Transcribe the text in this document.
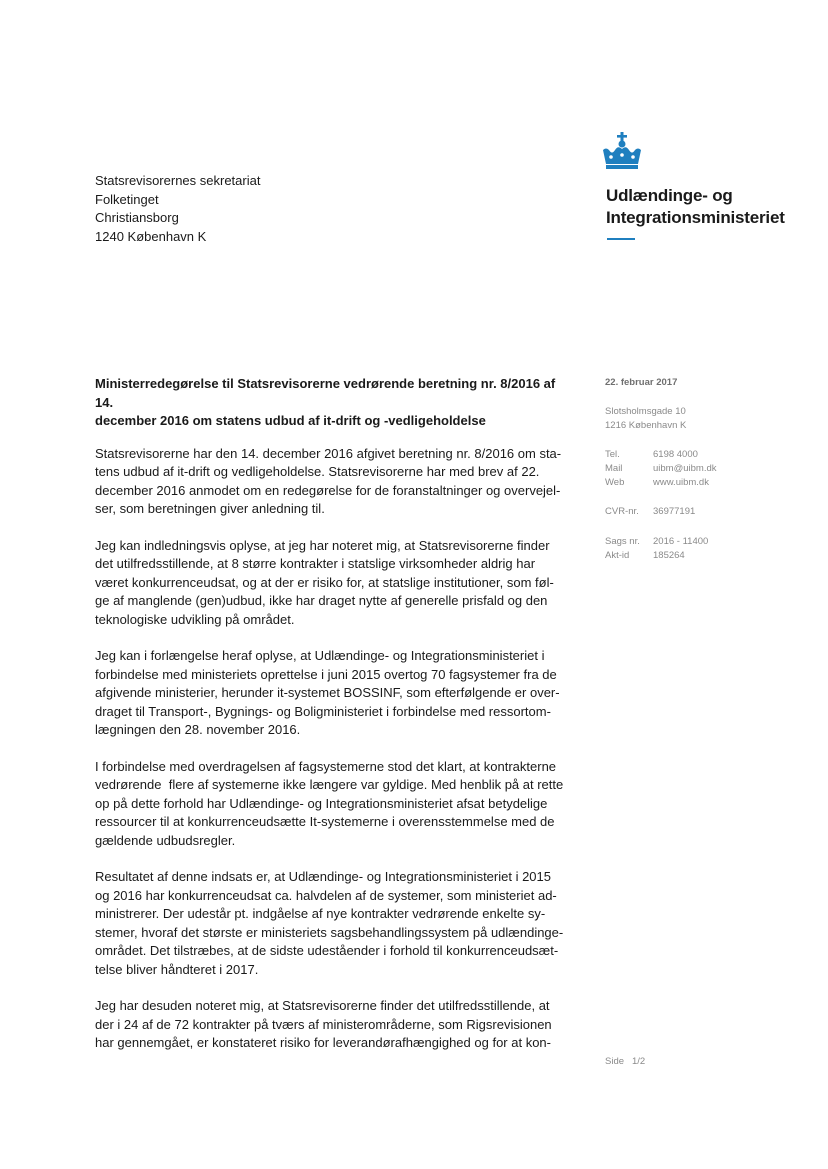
Statsrevisorernes sekretariat
Folketinget
Christiansborg
1240 København K
Udlændinge- og
Integrationsministeriet
22. februar 2017
Slotsholmsgade 10
1216 København K
Tel.	6198 4000
Mail	uibm@uibm.dk
Web	www.uibm.dk
CVR-nr.	36977191
Sags nr.	2016 - 11400
Akt-id	185264
Ministerredegørelse til Statsrevisorerne vedrørende beretning nr. 8/2016 af 14.
december 2016 om statens udbud af it-drift og -vedligeholdelse
Statsrevisorerne har den 14. december 2016 afgivet beretning nr. 8/2016 om sta-
tens udbud af it-drift og vedligeholdelse. Statsrevisorerne har med brev af 22.
december 2016 anmodet om en redegørelse for de foranstaltninger og overvejel-
ser, som beretningen giver anledning til.
Jeg kan indledningsvis oplyse, at jeg har noteret mig, at Statsrevisorerne finder
det utilfredsstillende, at 8 større kontrakter i statslige virksomheder aldrig har
været konkurrenceudsat, og at der er risiko for, at statslige institutioner, som føl-
ge af manglende (gen)udbud, ikke har draget nytte af generelle prisfald og den
teknologiske udvikling på området.
Jeg kan i forlængelse heraf oplyse, at Udlændinge- og Integrationsministeriet i
forbindelse med ministeriets oprettelse i juni 2015 overtog 70 fagsystemer fra de
afgivende ministerier, herunder it-systemet BOSSINF, som efterfølgende er over-
draget til Transport-, Bygnings- og Boligministeriet i forbindelse med ressortom-
lægningen den 28. november 2016.
I forbindelse med overdragelsen af fagsystemerne stod det klart, at kontrakterne
vedrørende  flere af systemerne ikke længere var gyldige. Med henblik på at rette
op på dette forhold har Udlændinge- og Integrationsministeriet afsat betydelige
ressourcer til at konkurrenceudsætte It-systemerne i overensstemmelse med de
gældende udbudsregler.
Resultatet af denne indsats er, at Udlændinge- og Integrationsministeriet i 2015
og 2016 har konkurrenceudsat ca. halvdelen af de systemer, som ministeriet ad-
ministrerer. Der udestår pt. indgåelse af nye kontrakter vedrørende enkelte sy-
stemer, hvoraf det største er ministeriets sagsbehandlingssystem på udlændinge-
området. Det tilstræbes, at de sidste udeståender i forhold til konkurrenceudsæt-
telse bliver håndteret i 2017.
Jeg har desuden noteret mig, at Statsrevisorerne finder det utilfredsstillende, at
der i 24 af de 72 kontrakter på tværs af ministerområderne, som Rigsrevisionen
har gennemgået, er konstateret risiko for leverandørafhængighed og for at kon-
Side 1/2
